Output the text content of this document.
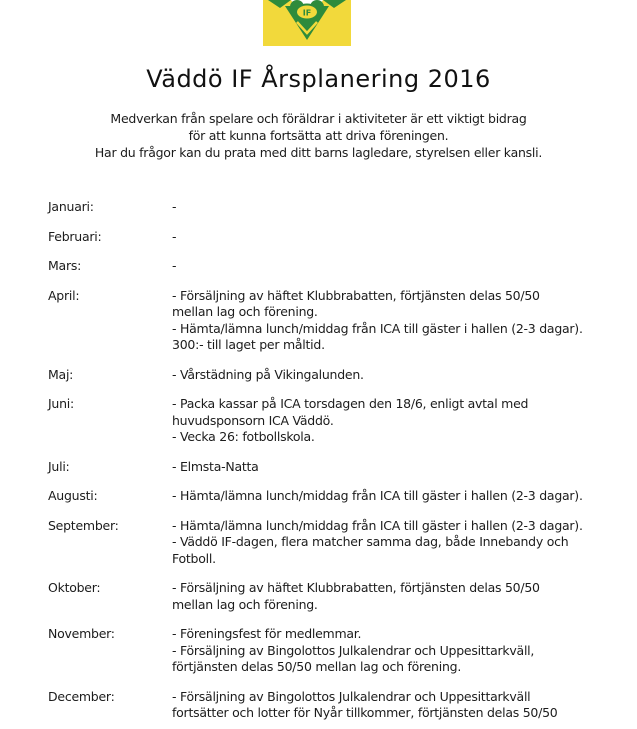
IF
Väddö IF Årsplanering 2016
Medverkan från spelare och föräldrar i aktiviteter är ett viktigt bidrag
för att kunna fortsätta att driva föreningen.
Har du frågor kan du prata med ditt barns lagledare, styrelsen eller kansli.
Januari:	-
Februari:	-
Mars:	-
April:	- Försäljning av häftet Klubbrabatten, förtjänsten delas 50/50
mellan lag och förening.
- Hämta/lämna lunch/middag från ICA till gäster i hallen (2-3 dagar).
300:- till laget per måltid.
Maj:	- Vårstädning på Vikingalunden.
Juni:	- Packa kassar på ICA torsdagen den 18/6, enligt avtal med
huvudsponsorn ICA Väddö.
- Vecka 26: fotbollskola.
Juli:	- Elmsta-Natta
Augusti:	- Hämta/lämna lunch/middag från ICA till gäster i hallen (2-3 dagar).
September:	- Hämta/lämna lunch/middag från ICA till gäster i hallen (2-3 dagar).
- Väddö IF-dagen, flera matcher samma dag, både Innebandy och
Fotboll.
Oktober:	- Försäljning av häftet Klubbrabatten, förtjänsten delas 50/50
mellan lag och förening.
November:	- Föreningsfest för medlemmar.
- Försäljning av Bingolottos Julkalendrar och Uppesittarkväll,
förtjänsten delas 50/50 mellan lag och förening.
December:	- Försäljning av Bingolottos Julkalendrar och Uppesittarkväll
fortsätter och lotter för Nyår tillkommer, förtjänsten delas 50/50
